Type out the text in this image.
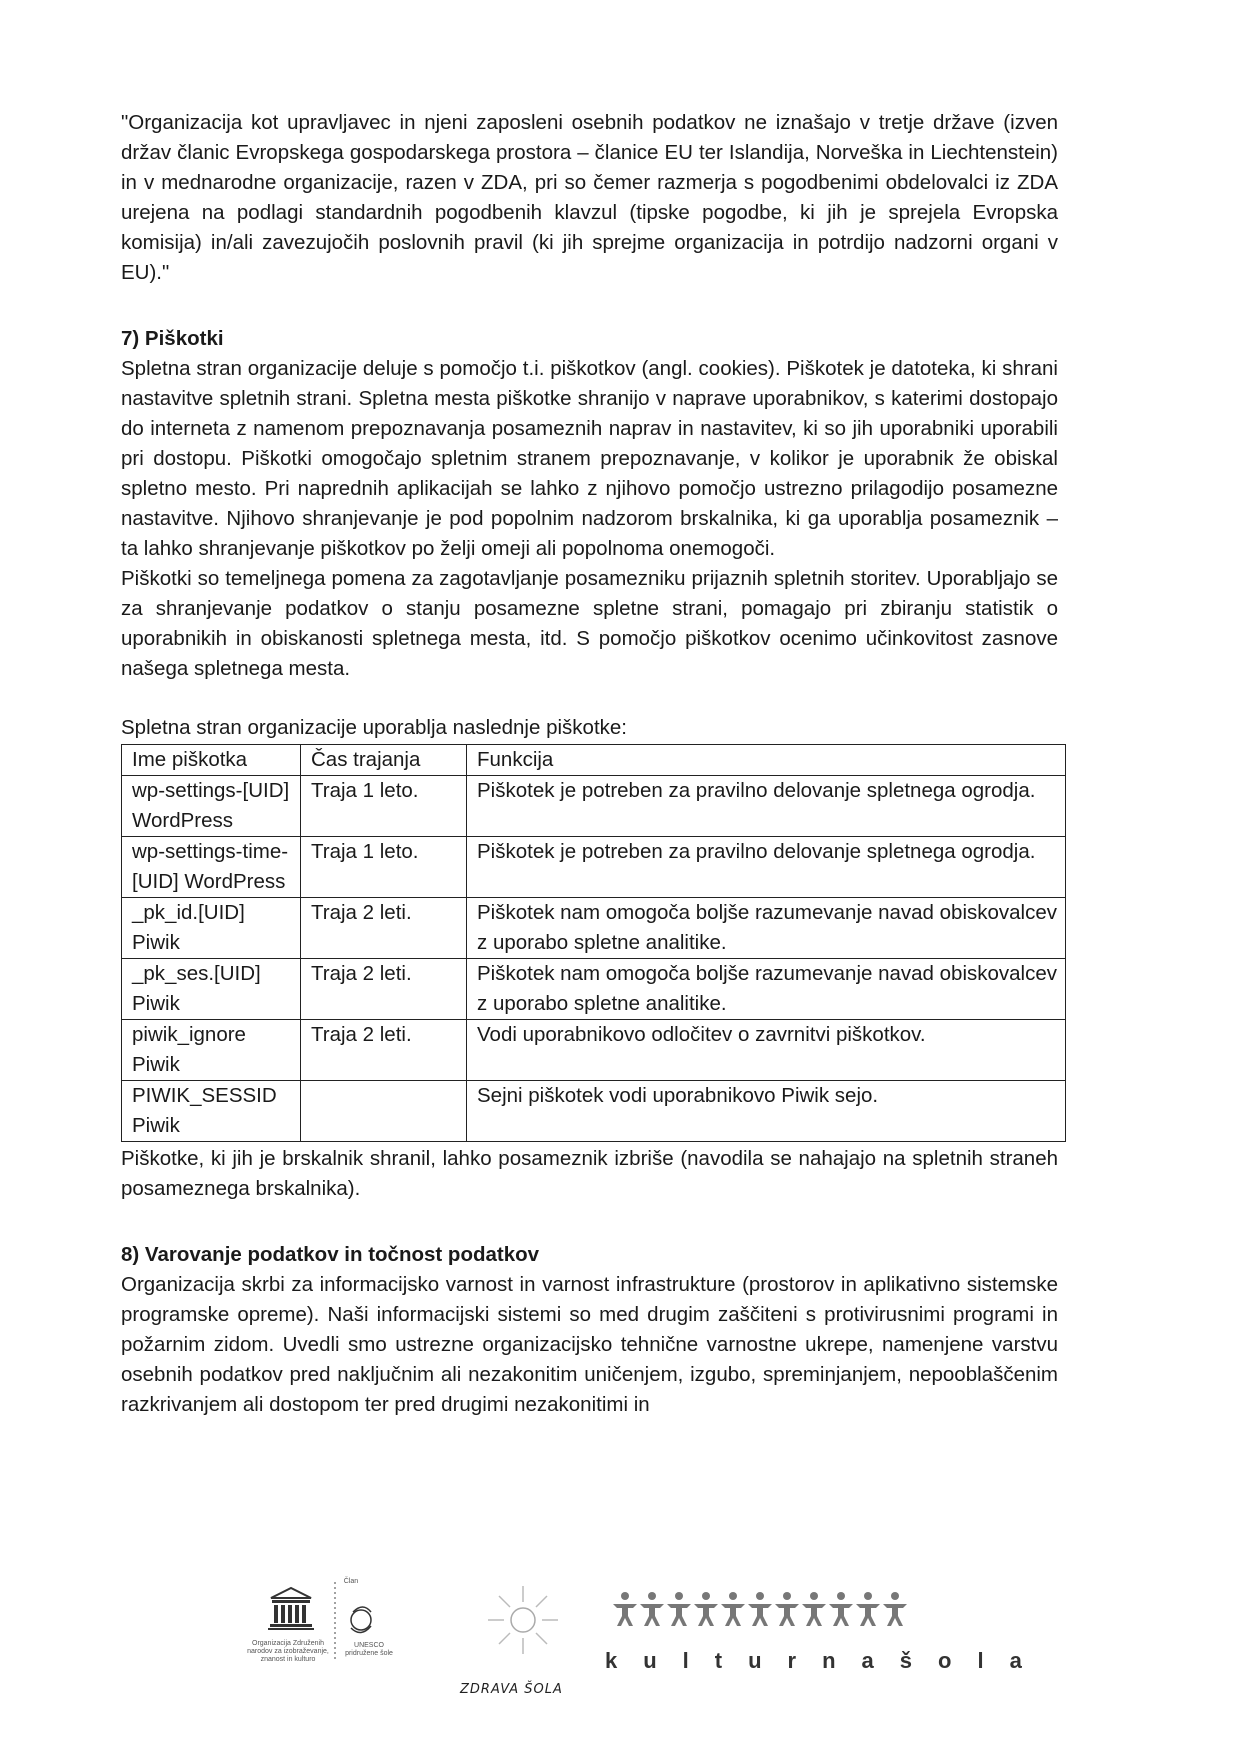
"Organizacija kot upravljavec in njeni zaposleni osebnih podatkov ne iznašajo v tretje države (izven držav članic Evropskega gospodarskega prostora – članice EU ter Islandija, Norveška in Liechtenstein) in v mednarodne organizacije, razen v ZDA, pri so čemer razmerja s pogodbenimi obdelovalci iz ZDA urejena na podlagi standardnih pogodbenih klavzul (tipske pogodbe, ki jih je sprejela Evropska komisija) in/ali zavezujočih poslovnih pravil (ki jih sprejme organizacija in potrdijo nadzorni organi v EU)."

7) Piškotki

Spletna stran organizacije deluje s pomočjo t.i. piškotkov (angl. cookies). Piškotek je datoteka, ki shrani nastavitve spletnih strani. Spletna mesta piškotke shranijo v naprave uporabnikov, s katerimi dostopajo do interneta z namenom prepoznavanja posameznih naprav in nastavitev, ki so jih uporabniki uporabili pri dostopu. Piškotki omogočajo spletnim stranem prepoznavanje, v kolikor je uporabnik že obiskal spletno mesto. Pri naprednih aplikacijah se lahko z njihovo pomočjo ustrezno prilagodijo posamezne nastavitve. Njihovo shranjevanje je pod popolnim nadzorom brskalnika, ki ga uporablja posameznik – ta lahko shranjevanje piškotkov po želji omeji ali popolnoma onemogoči.

Piškotki so temeljnega pomena za zagotavljanje posamezniku prijaznih spletnih storitev. Uporabljajo se za shranjevanje podatkov o stanju posamezne spletne strani, pomagajo pri zbiranju statistik o uporabnikih in obiskanosti spletnega mesta, itd. S pomočjo piškotkov ocenimo učinkovitost zasnove našega spletnega mesta.

Spletna stran organizacije uporablja naslednje piškotke:

Ime piškotka	Čas trajanja	Funkcija
wp-settings-[UID] WordPress	Traja 1 leto.	Piškotek je potreben za pravilno delovanje spletnega ogrodja.
wp-settings-time-[UID] WordPress	Traja 1 leto.	Piškotek je potreben za pravilno delovanje spletnega ogrodja.
_pk_id.[UID] Piwik	Traja 2 leti.	Piškotek nam omogoča boljše razumevanje navad obiskovalcev z uporabo spletne analitike.
_pk_ses.[UID] Piwik	Traja 2 leti.	Piškotek nam omogoča boljše razumevanje navad obiskovalcev z uporabo spletne analitike.
piwik_ignore Piwik	Traja 2 leti.	Vodi uporabnikovo odločitev o zavrnitvi piškotkov.
PIWIK_SESSID Piwik		Sejni piškotek vodi uporabnikovo Piwik sejo.

Piškotke, ki jih je brskalnik shranil, lahko posameznik izbriše (navodila se nahajajo na spletnih straneh posameznega brskalnika).

8) Varovanje podatkov in točnost podatkov

Organizacija skrbi za informacijsko varnost in varnost infrastrukture (prostorov in aplikativno sistemske programske opreme). Naši informacijski sistemi so med drugim zaščiteni s protivirusnimi programi in požarnim zidom. Uvedli smo ustrezne organizacijsko tehnične varnostne ukrepe, namenjene varstvu osebnih podatkov pred naključnim ali nezakonitim uničenjem, izgubo, spreminjanjem, nepooblaščenim razkrivanjem ali dostopom ter pred drugimi nezakonitimi in

Organizacija Združenih narodov za izobraževanje, znanost in kulturo
Član
UNESCO pridružene šole
ZDRAVA ŠOLA
kulturnašola
